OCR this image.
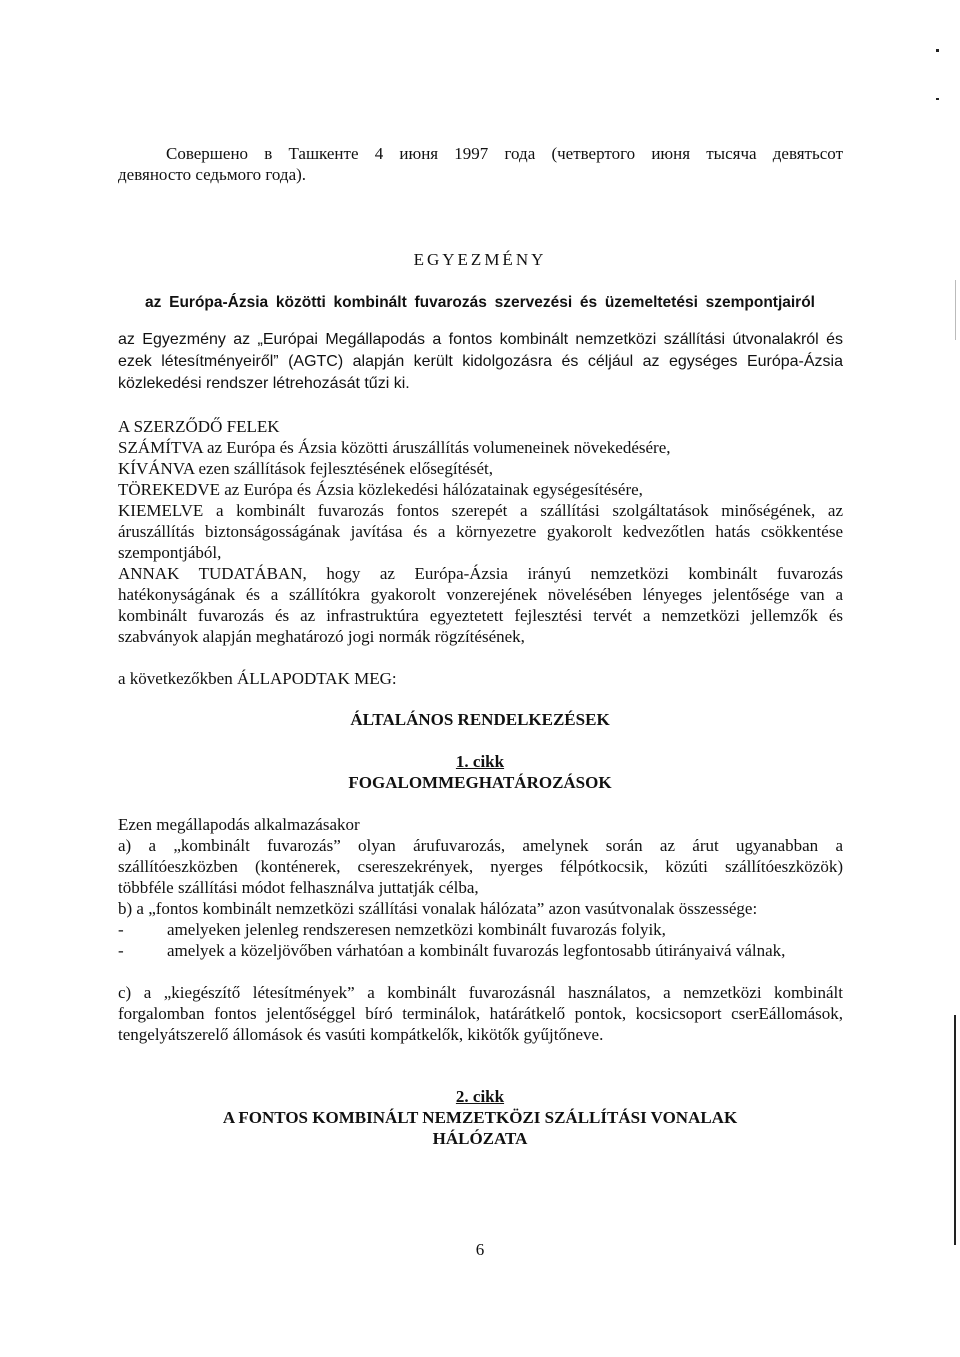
Совершено в Ташкенте 4 июня 1997 года (четвертого июня тысяча девятьсот
девяносто седьмого года).
EGYEZMÉNY
az Európa-Ázsia közötti kombinált fuvarozás szervezési és üzemeltetési szempontjairól
az Egyezmény az „Európai Megállapodás a fontos kombinált nemzetközi szállítási útvonalakról és
ezek létesítményeiről” (AGTC) alapján került kidolgozásra és céljául az egységes Európa-Ázsia
közlekedési rendszer létrehozását tűzi ki.
A SZERZŐDŐ FELEK
SZÁMÍTVA az Európa és Ázsia közötti áruszállítás volumeneinek növekedésére,
KÍVÁNVA ezen szállítások fejlesztésének elősegítését,
TÖREKEDVE az Európa és Ázsia közlekedési hálózatainak egységesítésére,
KIEMELVE a kombinált fuvarozás fontos szerepét a szállítási szolgáltatások minőségének, az
áruszállítás biztonságosságának javítása és a környezetre gyakorolt kedvezőtlen hatás csökkentése
szempontjából,
ANNAK TUDATÁBAN, hogy az Európa-Ázsia irányú nemzetközi kombinált fuvarozás
hatékonyságának és a szállítókra gyakorolt vonzerejének növelésében lényeges jelentősége van a
kombinált fuvarozás és az infrastruktúra egyeztetett fejlesztési tervét a nemzetközi jellemzők és
szabványok alapján meghatározó jogi normák rögzítésének,
a következőkben ÁLLAPODTAK MEG:
ÁLTALÁNOS RENDELKEZÉSEK
1. cikk
FOGALOMMEGHATÁROZÁSOK
Ezen megállapodás alkalmazásakor
a) a „kombinált fuvarozás” olyan árufuvarozás, amelynek során az árut ugyanabban a
szállítóeszközben (konténerek, csereszekrények, nyerges félpótkocsik, közúti szállítóeszközök)
többféle szállítási módot felhasználva juttatják célba,
b) a „fontos kombinált nemzetközi szállítási vonalak hálózata” azon vasútvonalak összessége:
-	amelyeken jelenleg rendszeresen nemzetközi kombinált fuvarozás folyik,
-	amelyek a közeljövőben várhatóan a kombinált fuvarozás legfontosabb útirányaivá válnak,
c) a „kiegészítő létesítmények” a kombinált fuvarozásnál használatos, a nemzetközi kombinált
forgalomban fontos jelentőséggel bíró terminálok, határátkelő pontok, kocsicsoport cserEállomások,
tengelyátszerelő állomások és vasúti kompátkelők, kikötők gyűjtőneve.
2. cikk
A FONTOS KOMBINÁLT NEMZETKÖZI SZÁLLÍTÁSI VONALAK
HÁLÓZATA
6
